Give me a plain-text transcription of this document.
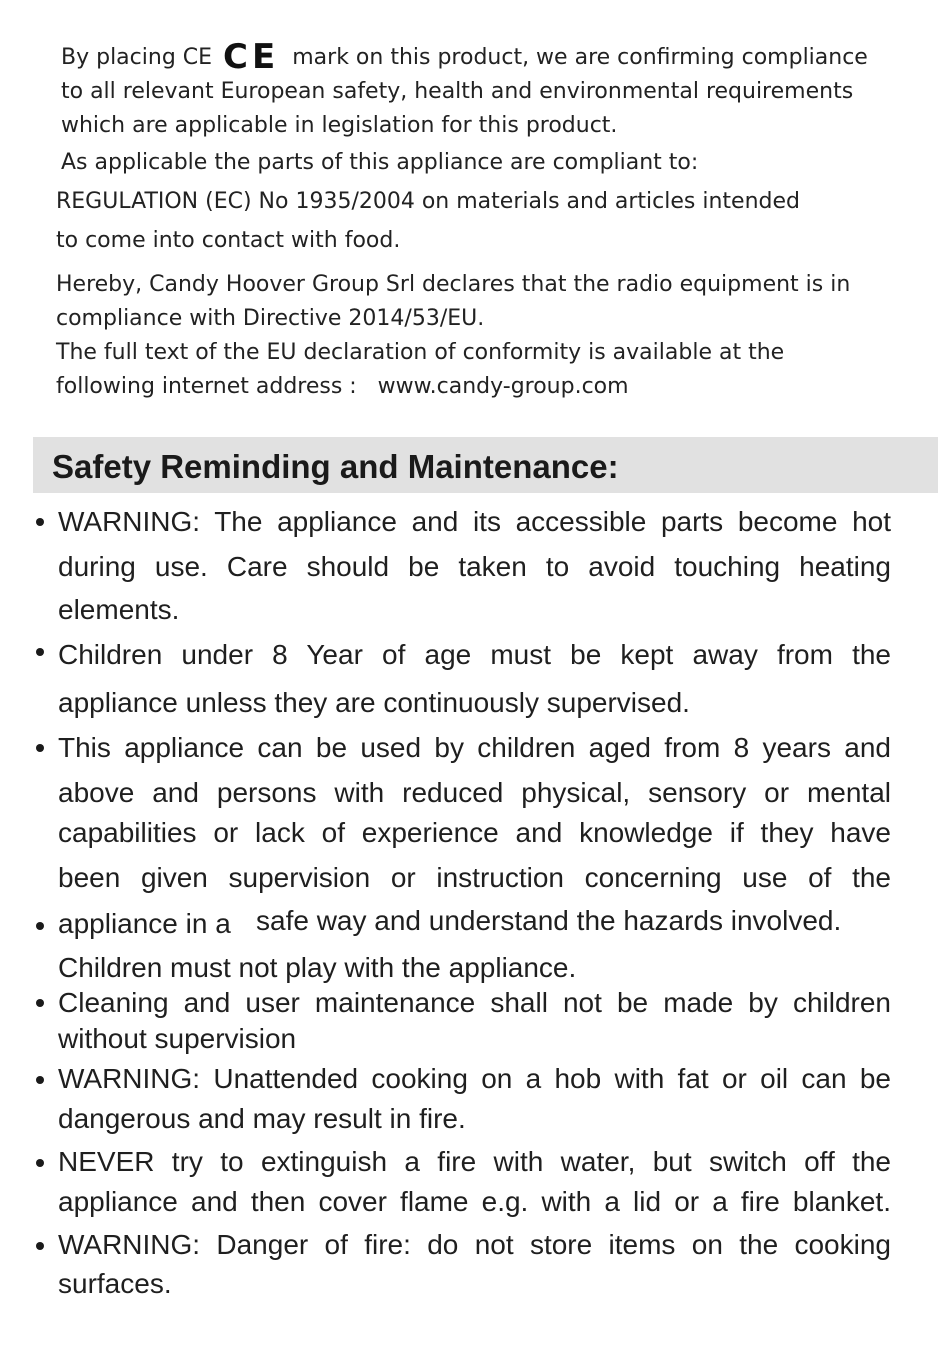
By placing CE CE mark on this product, we are confirming compliance
to all relevant European safety, health and environmental requirements
which are applicable in legislation for this product.
As applicable the parts of this appliance are compliant to:
REGULATION (EC) No 1935/2004 on materials and articles intended
to come into contact with food.
Hereby, Candy Hoover Group Srl declares that the radio equipment is in
compliance with Directive 2014/53/EU.
The full text of the EU declaration of conformity is available at the
following internet address :   www.candy-group.com
Safety Reminding and Maintenance:
WARNING: The appliance and its accessible parts become hot
during use. Care should be taken to avoid touching heating
elements.
Children under 8 Year of age must be kept away from the
appliance unless they are continuously supervised.
This appliance can be used by children aged from 8 years and
above and persons with reduced physical, sensory or mental
capabilities or lack of experience and knowledge if they have
been given supervision or instruction concerning use of the
appliance in a safe way and understand the hazards involved.
Children must not play with the appliance.
Cleaning and user maintenance shall not be made by children
without supervision
WARNING: Unattended cooking on a hob with fat or oil can be
dangerous and may result in fire.
NEVER try to extinguish a fire with water, but switch off the
appliance and then cover flame e.g. with a lid or a fire blanket.
WARNING: Danger of fire: do not store items on the cooking
surfaces.
